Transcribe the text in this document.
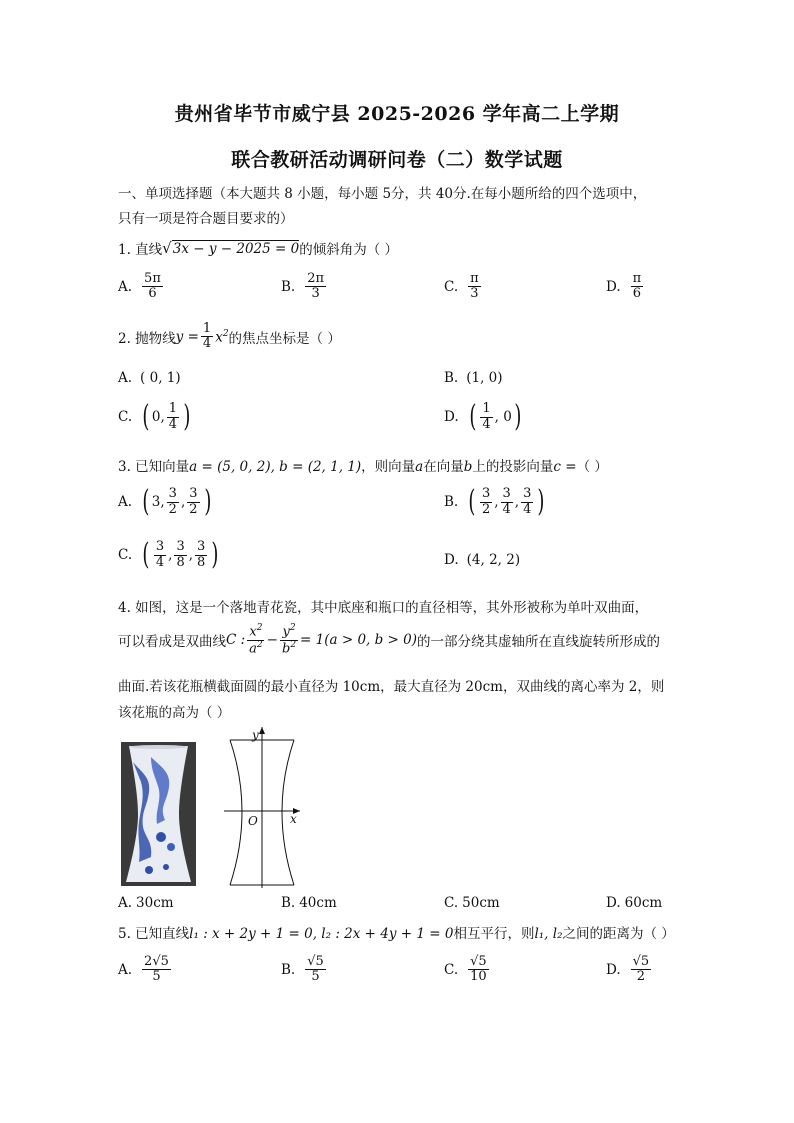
贵州省毕节市威宁县 2025-2026 学年高二上学期
联合教研活动调研问卷（二）数学试题
一、单项选择题（本大题共 8 小题，每小题 5分，共 40分.在每小题所给的四个选项中，
只有一项是符合题目要求的）
1. 直线 √ 3x − y − 2025 = 0 的倾斜角为（ ）
A. $\frac{5\pi}{6}$	B. $\frac{2\pi}{3}$	C. $\frac{\pi}{3}$	D. $\frac{\pi}{6}$
2. 抛物线 $y = \frac{1}{4} x^2$ 的焦点坐标是（ ）
A. ( 0, 1)	B. (1, 0)
C. ( 0, $\frac{1}{4}$ )	D. ( $\frac{1}{4}$ , 0 )
3. 已知向量a = (5, 0, 2), b = (2, 1, 1)，则向量a在向量b上的投影向量c =（ ）
A. ( 3, $\frac{3}{2}$ , $\frac{3}{2}$ )	B. ( $\frac{3}{2}$ , $\frac{3}{4}$ , $\frac{3}{4}$ )
C. ( $\frac{3}{4}$ , $\frac{3}{8}$ , $\frac{3}{8}$ )	D. (4, 2, 2)
4. 如图，这是一个落地青花瓷，其中底座和瓶口的直径相等，其外形被称为单叶双曲面，
可以看成是双曲线 C : $\frac{x^2}{a^2} - \frac{y^2}{b^2} = 1(a > 0$, b > 0) 的一部分绕其虚轴所在直线旋转所形成的
曲面.若该花瓶横截面圆的最小直径为 10cm，最大直径为 20cm，双曲线的离心率为 2，则
该花瓶的高为（ ）
y
x
O
A. 30cm	B. 40cm	C. 50cm	D. 60cm
5. 已知直线l₁ : x + 2y + 1 = 0, l₂ : 2x + 4y + 1 = 0相互平行，则l₁, l₂之间的距离为（ ）
A. $\frac{2√5}{5}$	B. $\frac{√5}{5}$	C. $\frac{√5}{10}$	D. $\frac{√5}{2}$
